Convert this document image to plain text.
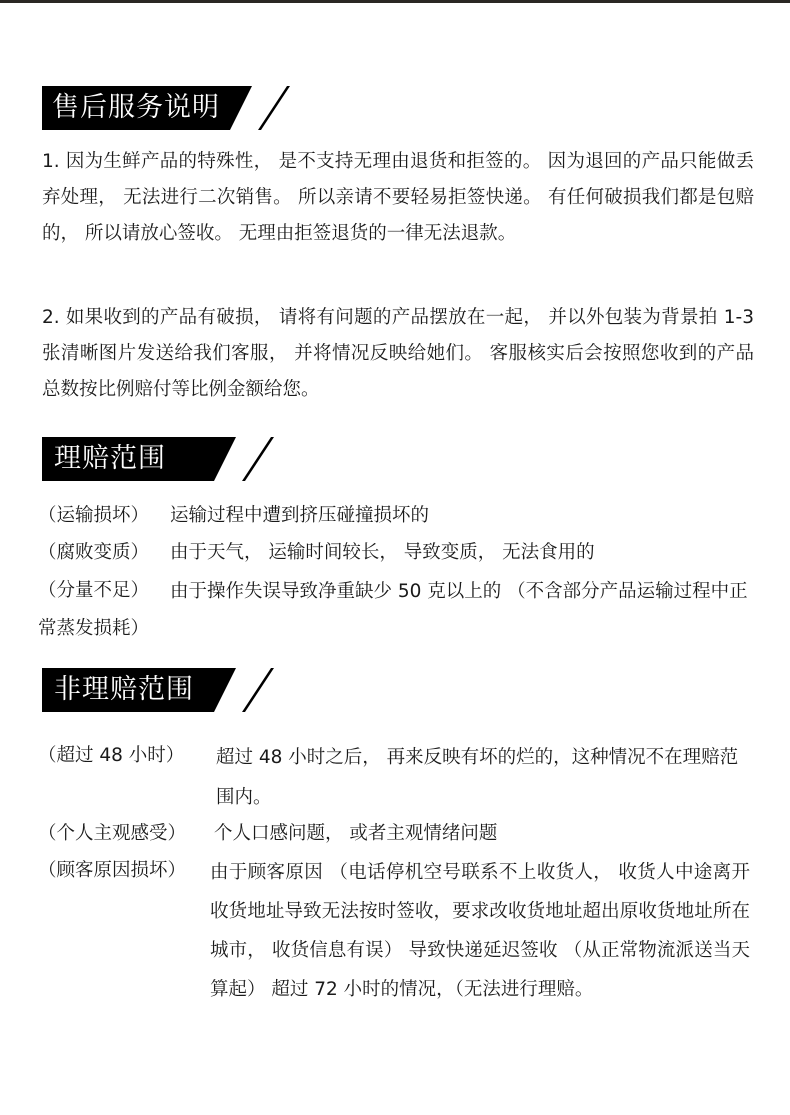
售后服务说明

1. 因为生鲜产品的特殊性， 是不支持无理由退货和拒签的。 因为退回的产品只能做丢弃处理， 无法进行二次销售。 所以亲请不要轻易拒签快递。 有任何破损我们都是包赔的， 所以请放心签收。 无理由拒签退货的一律无法退款。

2. 如果收到的产品有破损， 请将有问题的产品摆放在一起， 并以外包装为背景拍 1-3 张清晰图片发送给我们客服， 并将情况反映给她们。 客服核实后会按照您收到的产品总数按比例赔付等比例金额给您。

理赔范围
（运输损坏） 运输过程中遭到挤压碰撞损坏的
（腐败变质） 由于天气， 运输时间较长， 导致变质， 无法食用的
（分量不足）	由于操作失误导致净重缺少 50 克以上的 （不含部分产品运输过程中正常蒸发损耗）

非理赔范围
（超过 48 小时） 超过 48 小时之后， 再来反映有坏的烂的，这种情况不在理赔范围内。

（个人主观感受） 个人口感问题， 或者主观情绪问题
（顾客原因损坏） 由于顾客原因 （电话停机空号联系不上收货人， 收货人中途离开收货地址导致无法按时签收，要求改收货地址超出原收货地址所在城市， 收货信息有误） 导致快递延迟签收 （从正常物流派送当天算起） 超过 72 小时的情况，（无法进行理赔。
